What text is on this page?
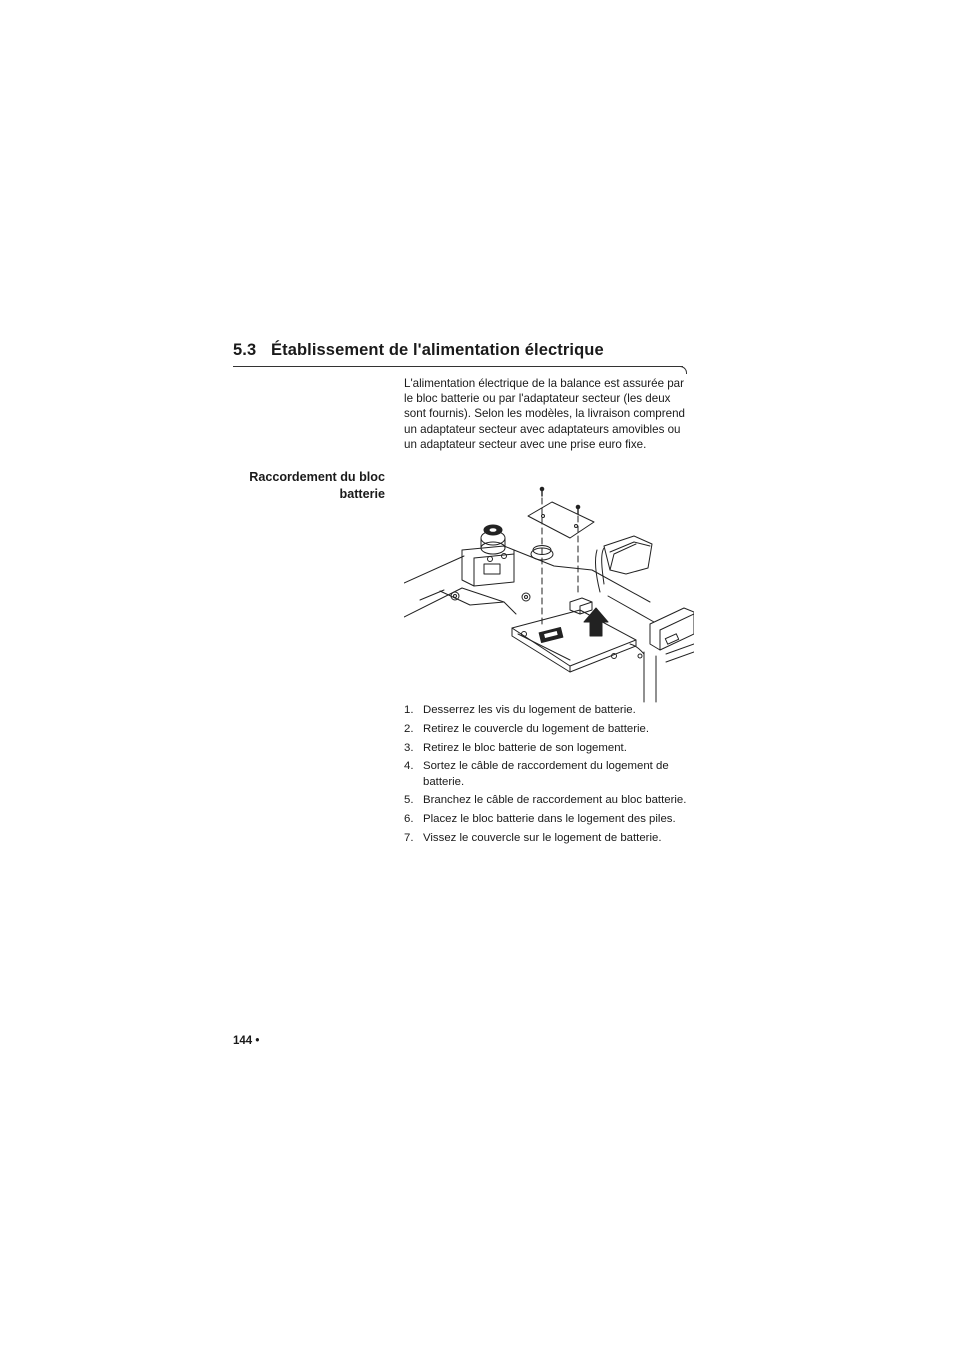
5.3 Établissement de l'alimentation électrique

L'alimentation électrique de la balance est assurée par le bloc batterie ou par l'adaptateur secteur (les deux sont fournis). Selon les modèles, la livraison comprend un adaptateur secteur avec adaptateurs amovibles ou un adaptateur secteur avec une prise euro fixe.

Raccordement du bloc
batterie
1. Desserrez les vis du logement de batterie.
2. Retirez le couvercle du logement de batterie.
3. Retirez le bloc batterie de son logement.
4. Sortez le câble de raccordement du logement de batterie.
5. Branchez le câble de raccordement au bloc batterie.
6. Placez le bloc batterie dans le logement des piles.
7. Vissez le couvercle sur le logement de batterie.

144 •
